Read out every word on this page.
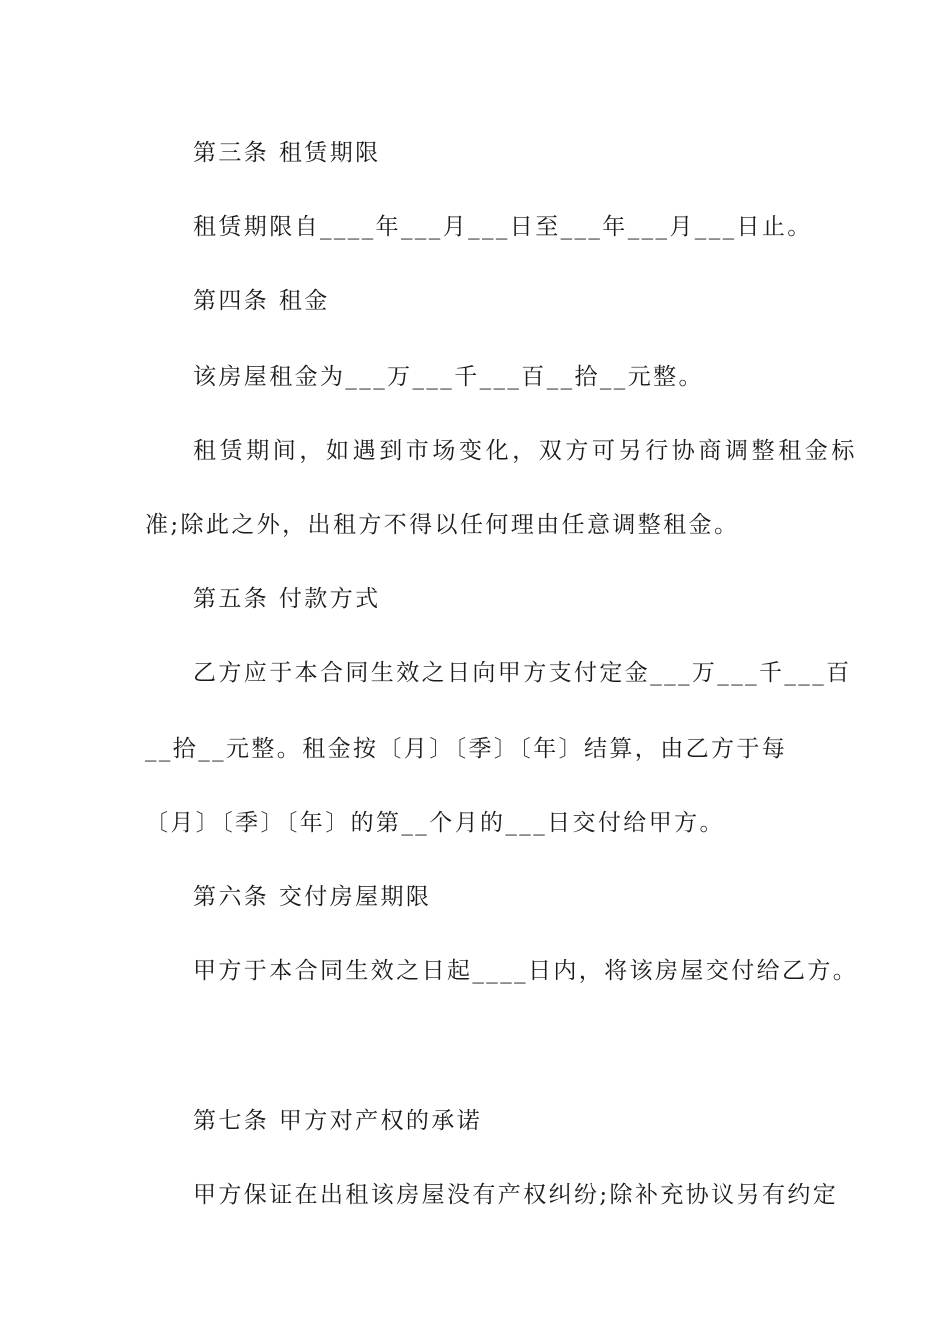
第三条 租赁期限
租赁期限自____年___月___日至___年___月___日止。
第四条 租金
该房屋租金为___万___千___百__拾__元整。
租赁期间，如遇到市场变化，双方可另行协商调整租金标
准;除此之外，出租方不得以任何理由任意调整租金。
第五条 付款方式
乙方应于本合同生效之日向甲方支付定金___万___千___百
__拾__元整。租金按〔月〕〔季〕〔年〕结算，由乙方于每
〔月〕〔季〕〔年〕的第__个月的___日交付给甲方。
第六条 交付房屋期限
甲方于本合同生效之日起____日内，将该房屋交付给乙方。
第七条 甲方对产权的承诺
甲方保证在出租该房屋没有产权纠纷;除补充协议另有约定
